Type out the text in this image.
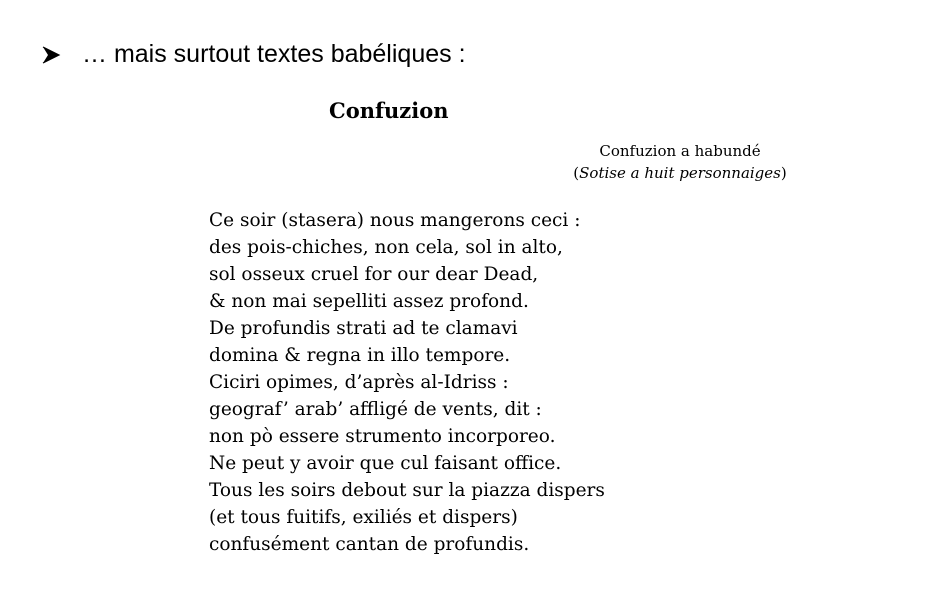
… mais surtout textes babéliques :
Confuzion
Confuzion a habundé
(Sotise a huit personnaiges)
Ce soir (stasera) nous mangerons ceci :
des pois-chiches, non cela, sol in alto,
sol osseux cruel for our dear Dead,
& non mai sepelliti assez profond.
De profundis strati ad te clamavi
domina & regna in illo tempore.
Ciciri opimes, d’après al-Idriss :
geograf’ arab’ affligé de vents, dit :
non pò essere strumento incorporeo.
Ne peut y avoir que cul faisant office.
Tous les soirs debout sur la piazza dispers
(et tous fuitifs, exiliés et dispers)
confusément cantan de profundis.
